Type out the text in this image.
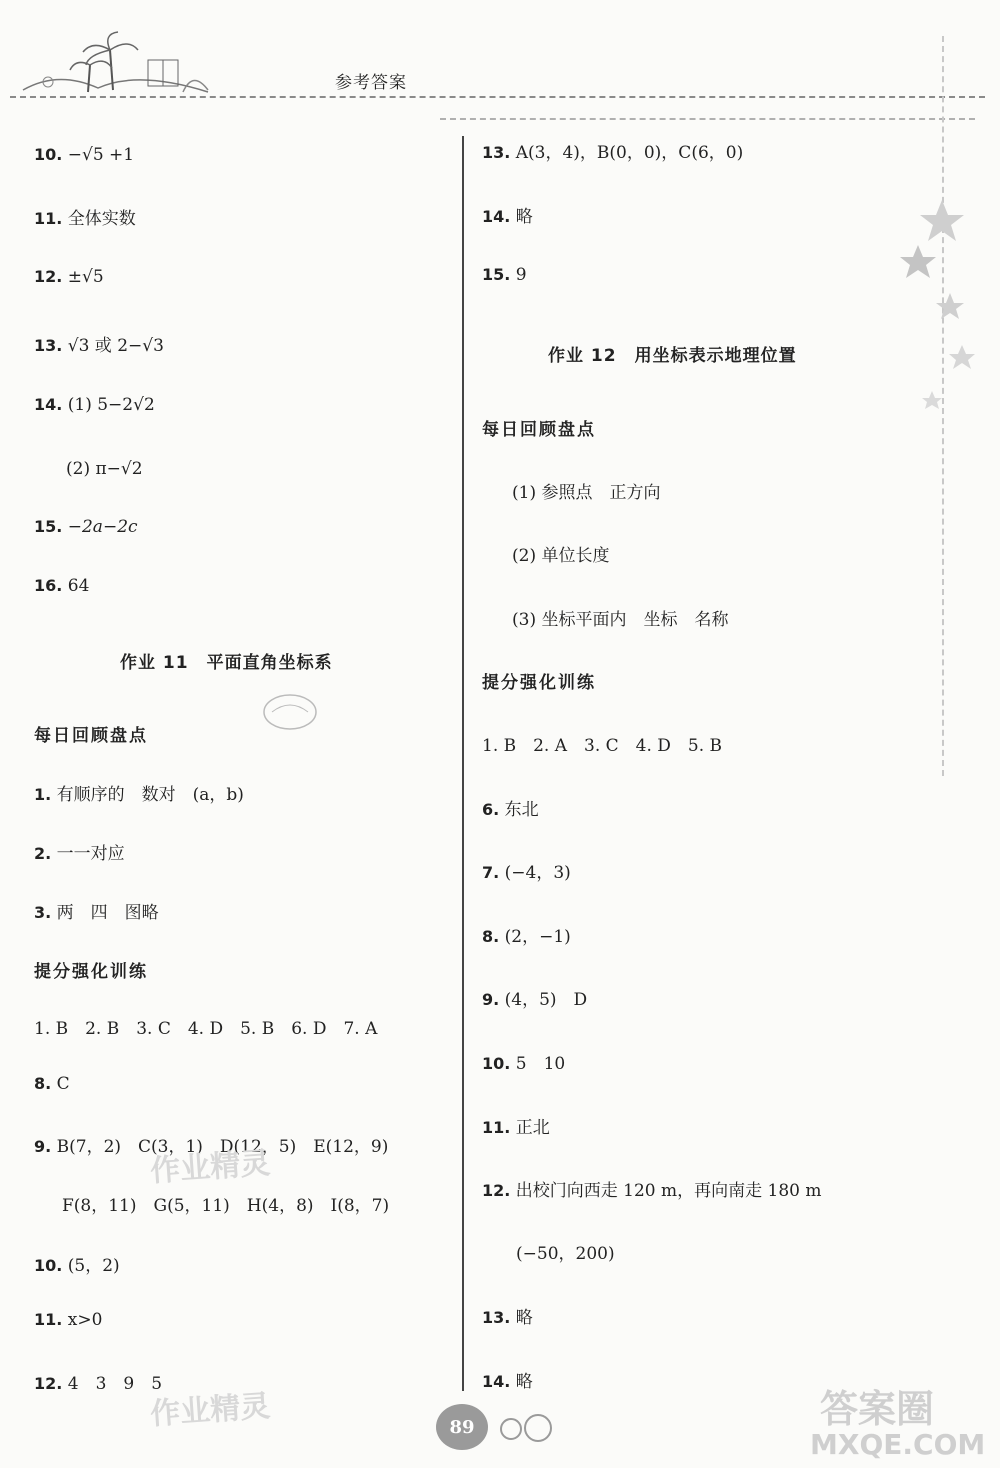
参考答案
10. −√5 +1
11. 全体实数
12. ±√5
13. √3 或 2−√3
14. (1) 5−2√2
(2) π−√2
15. −2a−2c
16. 64
作业 11　平面直角坐标系
每日回顾盘点
1. 有顺序的　数对　(a，b)
2. 一一对应
3. 两　四　图略
提分强化训练
1. B　2. B　3. C　4. D　5. B　6. D　7. A
8. C
9. B(7，2)　C(3，1)　D(12，5)　E(12，9)
F(8，11)　G(5，11)　H(4，8)　I(8，7)
10. (5，2)
11. x>0
12. 4　3　9　5
13. A(3，4)，B(0，0)，C(6，0)
14. 略
15. 9
作业 12　用坐标表示地理位置
每日回顾盘点
(1) 参照点　正方向
(2) 单位长度
(3) 坐标平面内　坐标　名称
提分强化训练
1. B　2. A　3. C　4. D　5. B
6. 东北
7. (−4，3)
8. (2，−1)
9. (4，5)　D
10. 5　10
11. 正北
12. 出校门向西走 120 m，再向南走 180 m
(−50，200)
13. 略
14. 略
作业精灵
作业精灵	答案圈
MXQE.COM
89
